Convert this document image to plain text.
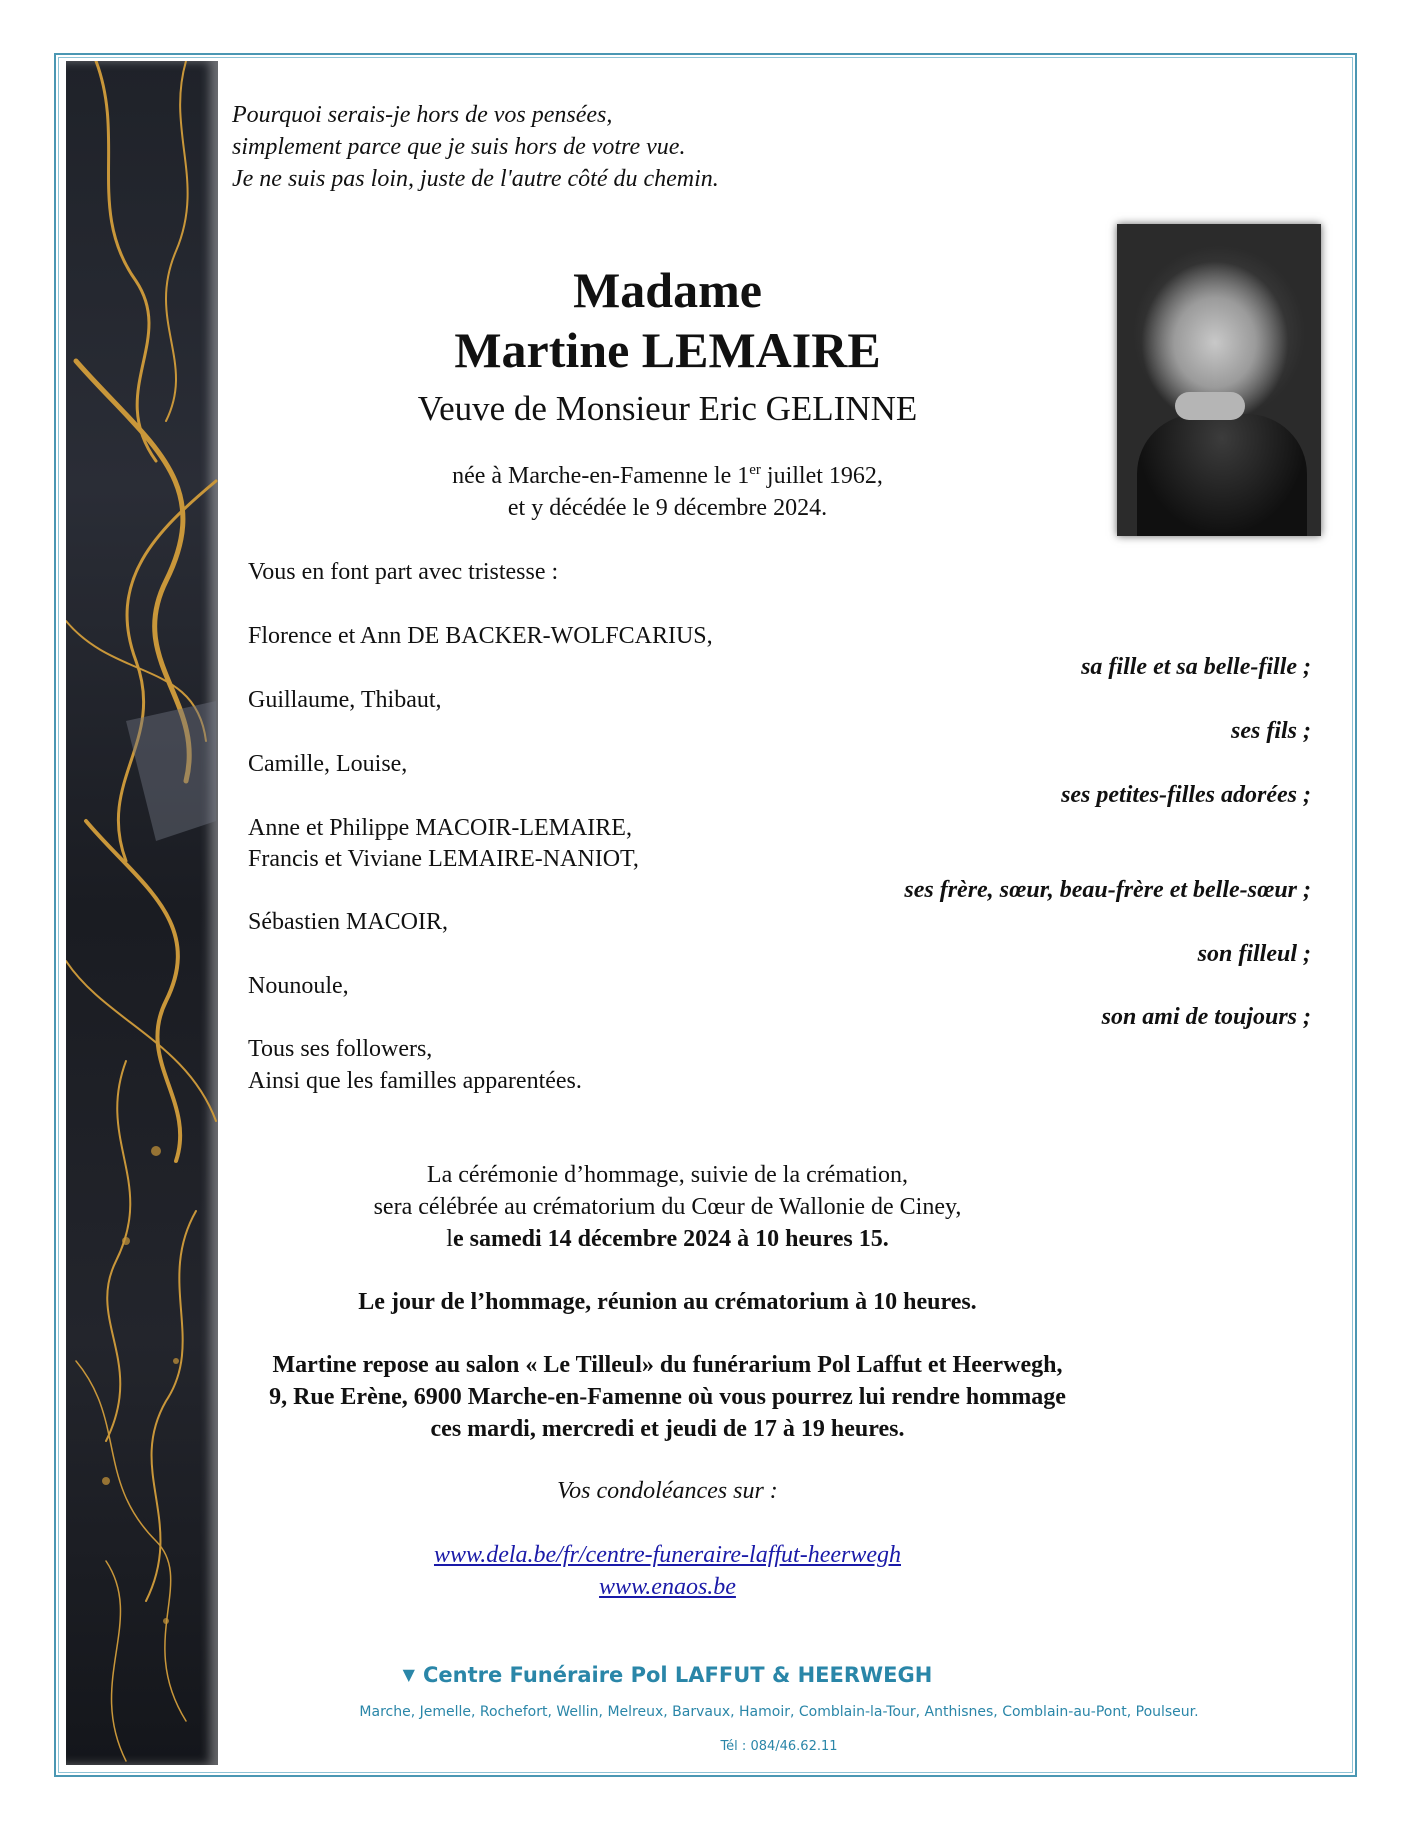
Pourquoi serais-je hors de vos pensées,
simplement parce que je suis hors de votre vue.
Je ne suis pas loin, juste de l'autre côté du chemin.
Madame
Martine LEMAIRE
Veuve de Monsieur Eric GELINNE
née à Marche-en-Famenne le 1er juillet 1962,
et y décédée le 9 décembre 2024.
Vous en font part avec tristesse :
Florence et Ann DE BACKER-WOLFCARIUS,
sa fille et sa belle-fille ;
Guillaume, Thibaut,
ses fils ;
Camille, Louise,
ses petites-filles adorées ;
Anne et Philippe MACOIR-LEMAIRE,
Francis et Viviane LEMAIRE-NANIOT,
ses frère, sœur, beau-frère et belle-sœur ;
Sébastien MACOIR,
son filleul ;
Nounoule,
son ami de toujours ;
Tous ses followers,
Ainsi que les familles apparentées.
La cérémonie d’hommage, suivie de la crémation,
sera célébrée au crématorium du Cœur de Wallonie de Ciney,
le samedi 14 décembre 2024 à 10 heures 15.
Le jour de l’hommage, réunion au crématorium à 10 heures.
Martine repose au salon « Le Tilleul» du funérarium Pol Laffut et Heerwegh,
9, Rue Erène, 6900 Marche-en-Famenne où vous pourrez lui rendre hommage
ces mardi, mercredi et jeudi de 17 à 19 heures.
Vos condoléances sur :
www.dela.be/fr/centre-funeraire-laffut-heerwegh
www.enaos.be
▼ Centre Funéraire Pol LAFFUT & HEERWEGH
Marche, Jemelle, Rochefort, Wellin, Melreux, Barvaux, Hamoir, Comblain-la-Tour, Anthisnes, Comblain-au-Pont, Poulseur.
Tél : 084/46.62.11
